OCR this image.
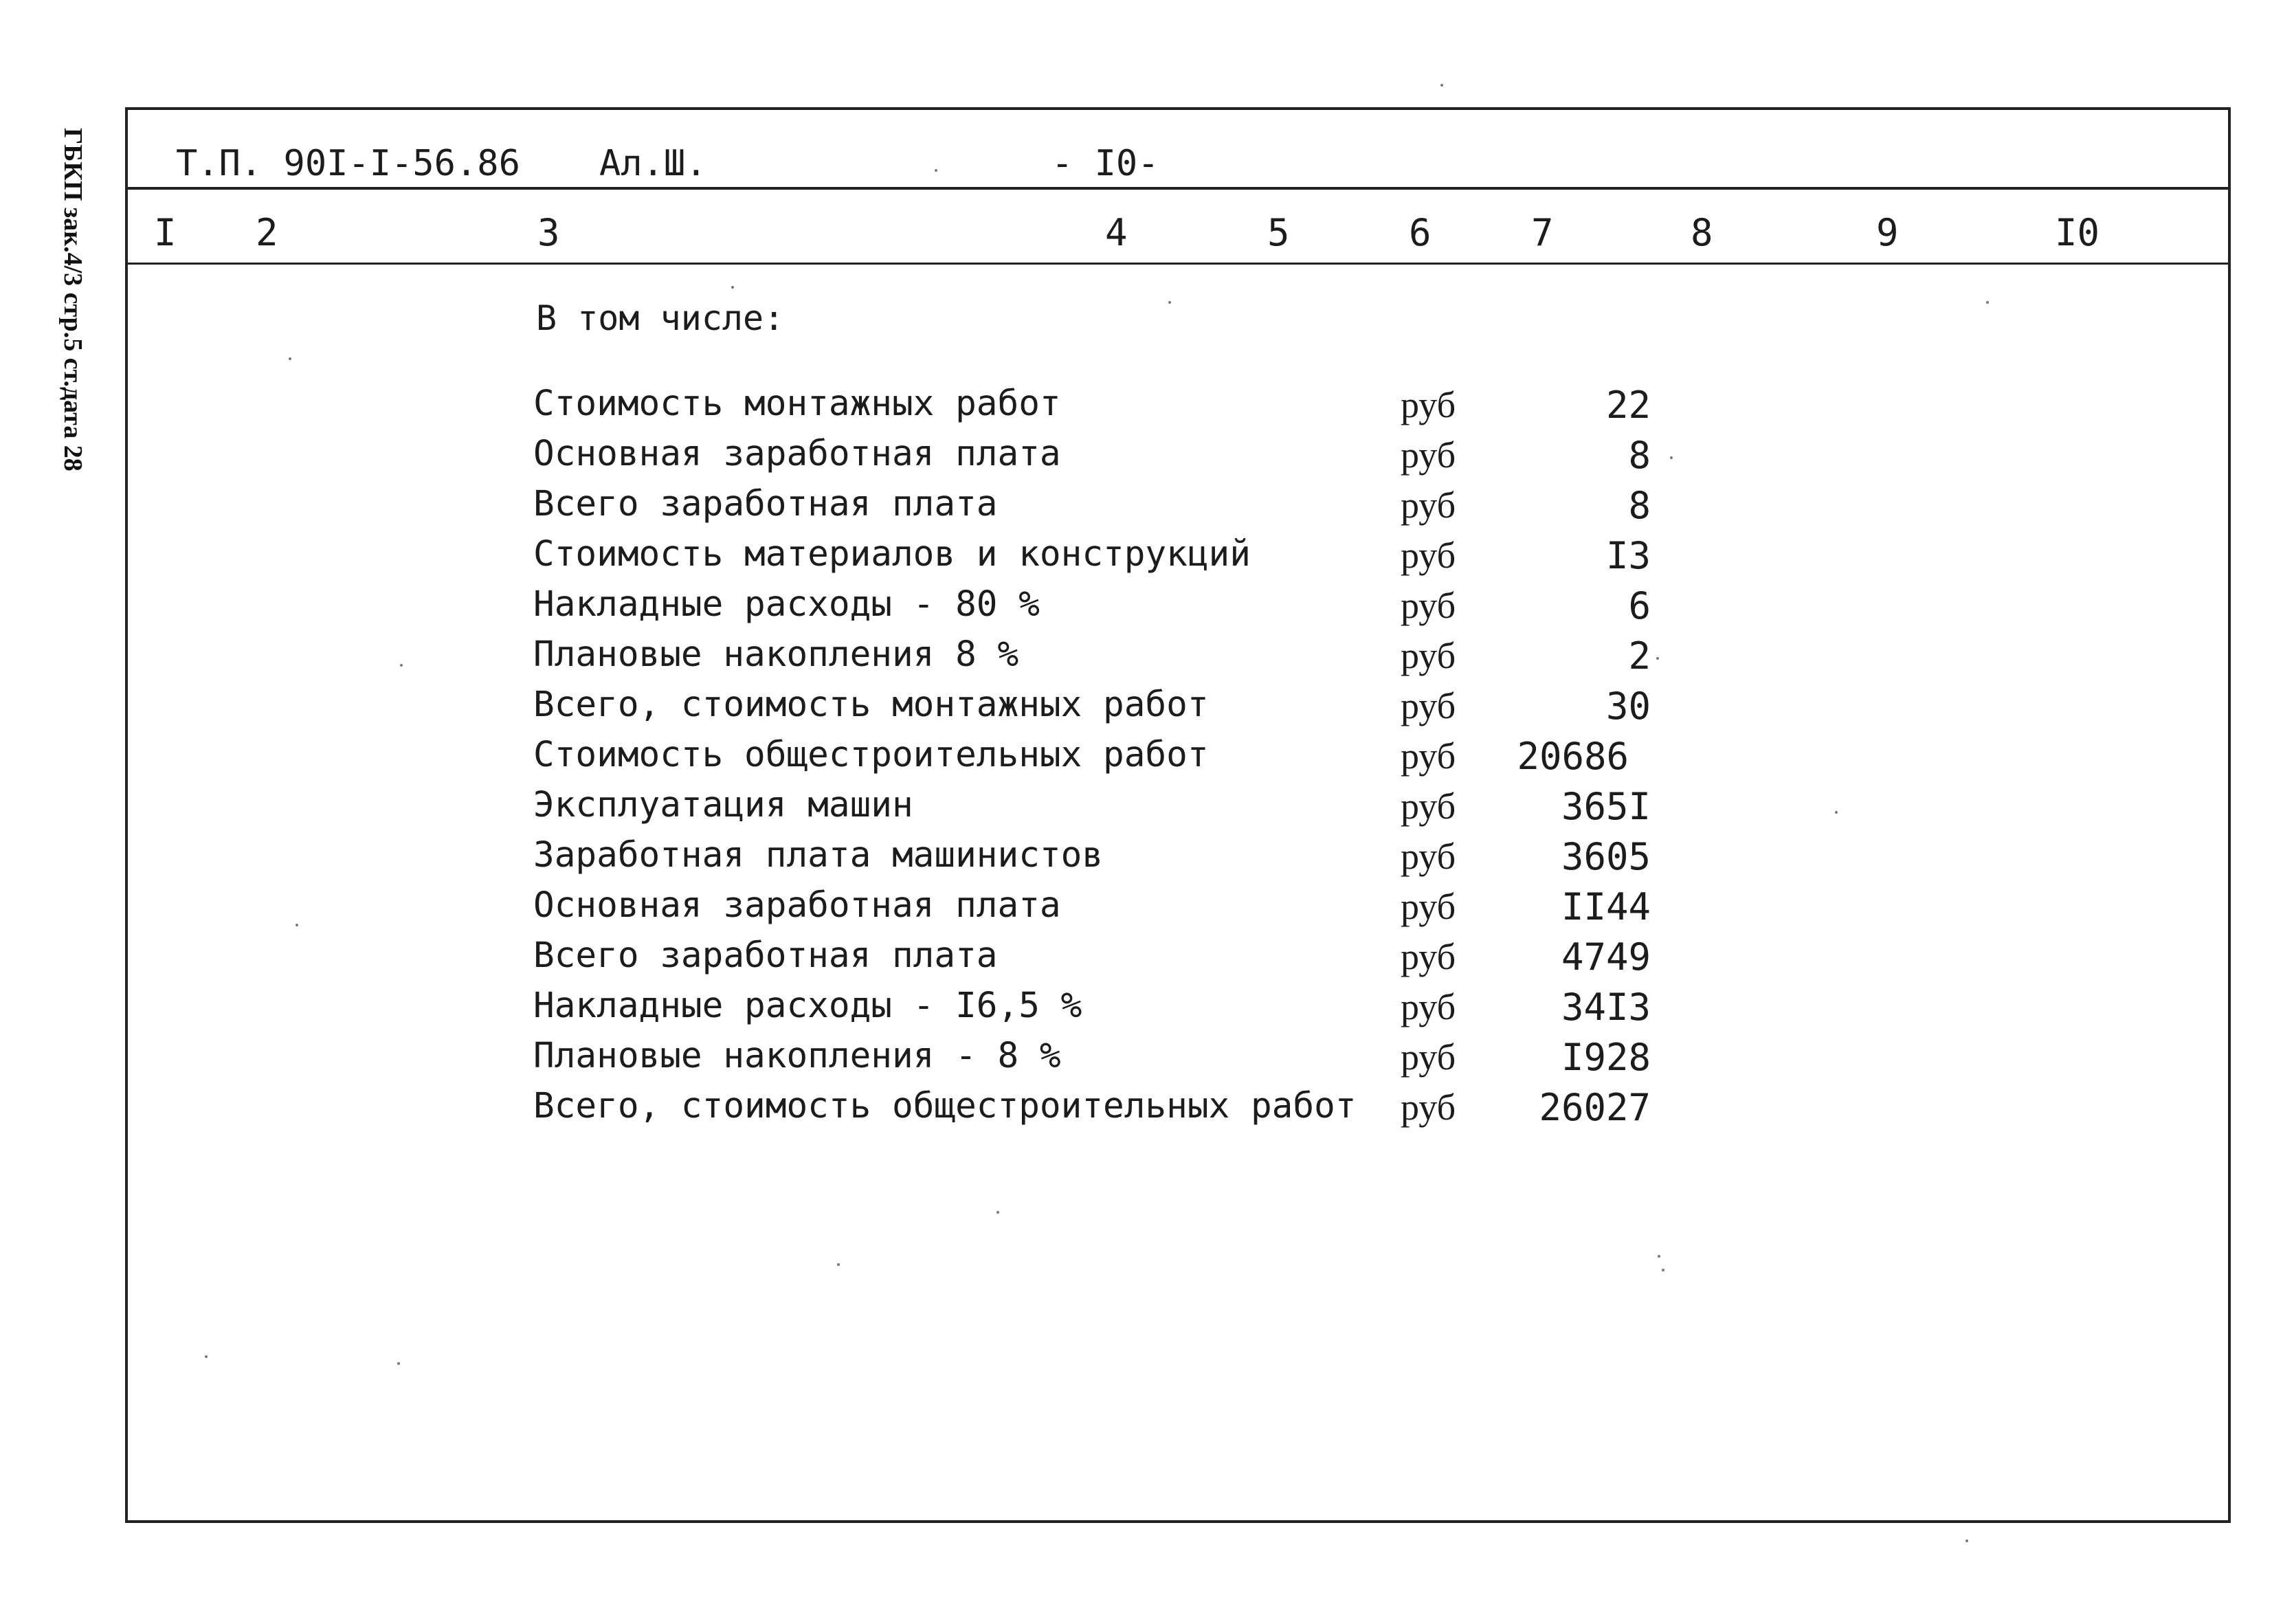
ГБКП зак.4/3 стр.5 ст.дата 28 Т.П. 90I-I-56.86 Ал.Ш.	- I0-
I 2	3	4	5	6	7	8	9	I0
В том числе:
Стоимость монтажных работ	руб	22
Основная заработная плата	руб	8
Всего заработная плата	руб	8
Стоимость материалов и конструкций	руб	I3
Накладные расходы - 80 %	руб	6
Плановые накопления 8 %	руб	2
Всего, стоимость монтажных работ	руб	30
Стоимость общестроительных работ	руб 20686
Эксплуатация машин	руб	365I
Заработная плата машинистов	руб	3605
Основная заработная плата	руб	II44
Всего заработная плата	руб	4749
Накладные расходы - I6,5 %	руб	34I3
Плановые накопления - 8 %	руб	I928
Всего, стоимость общестроительных работ руб 26027
